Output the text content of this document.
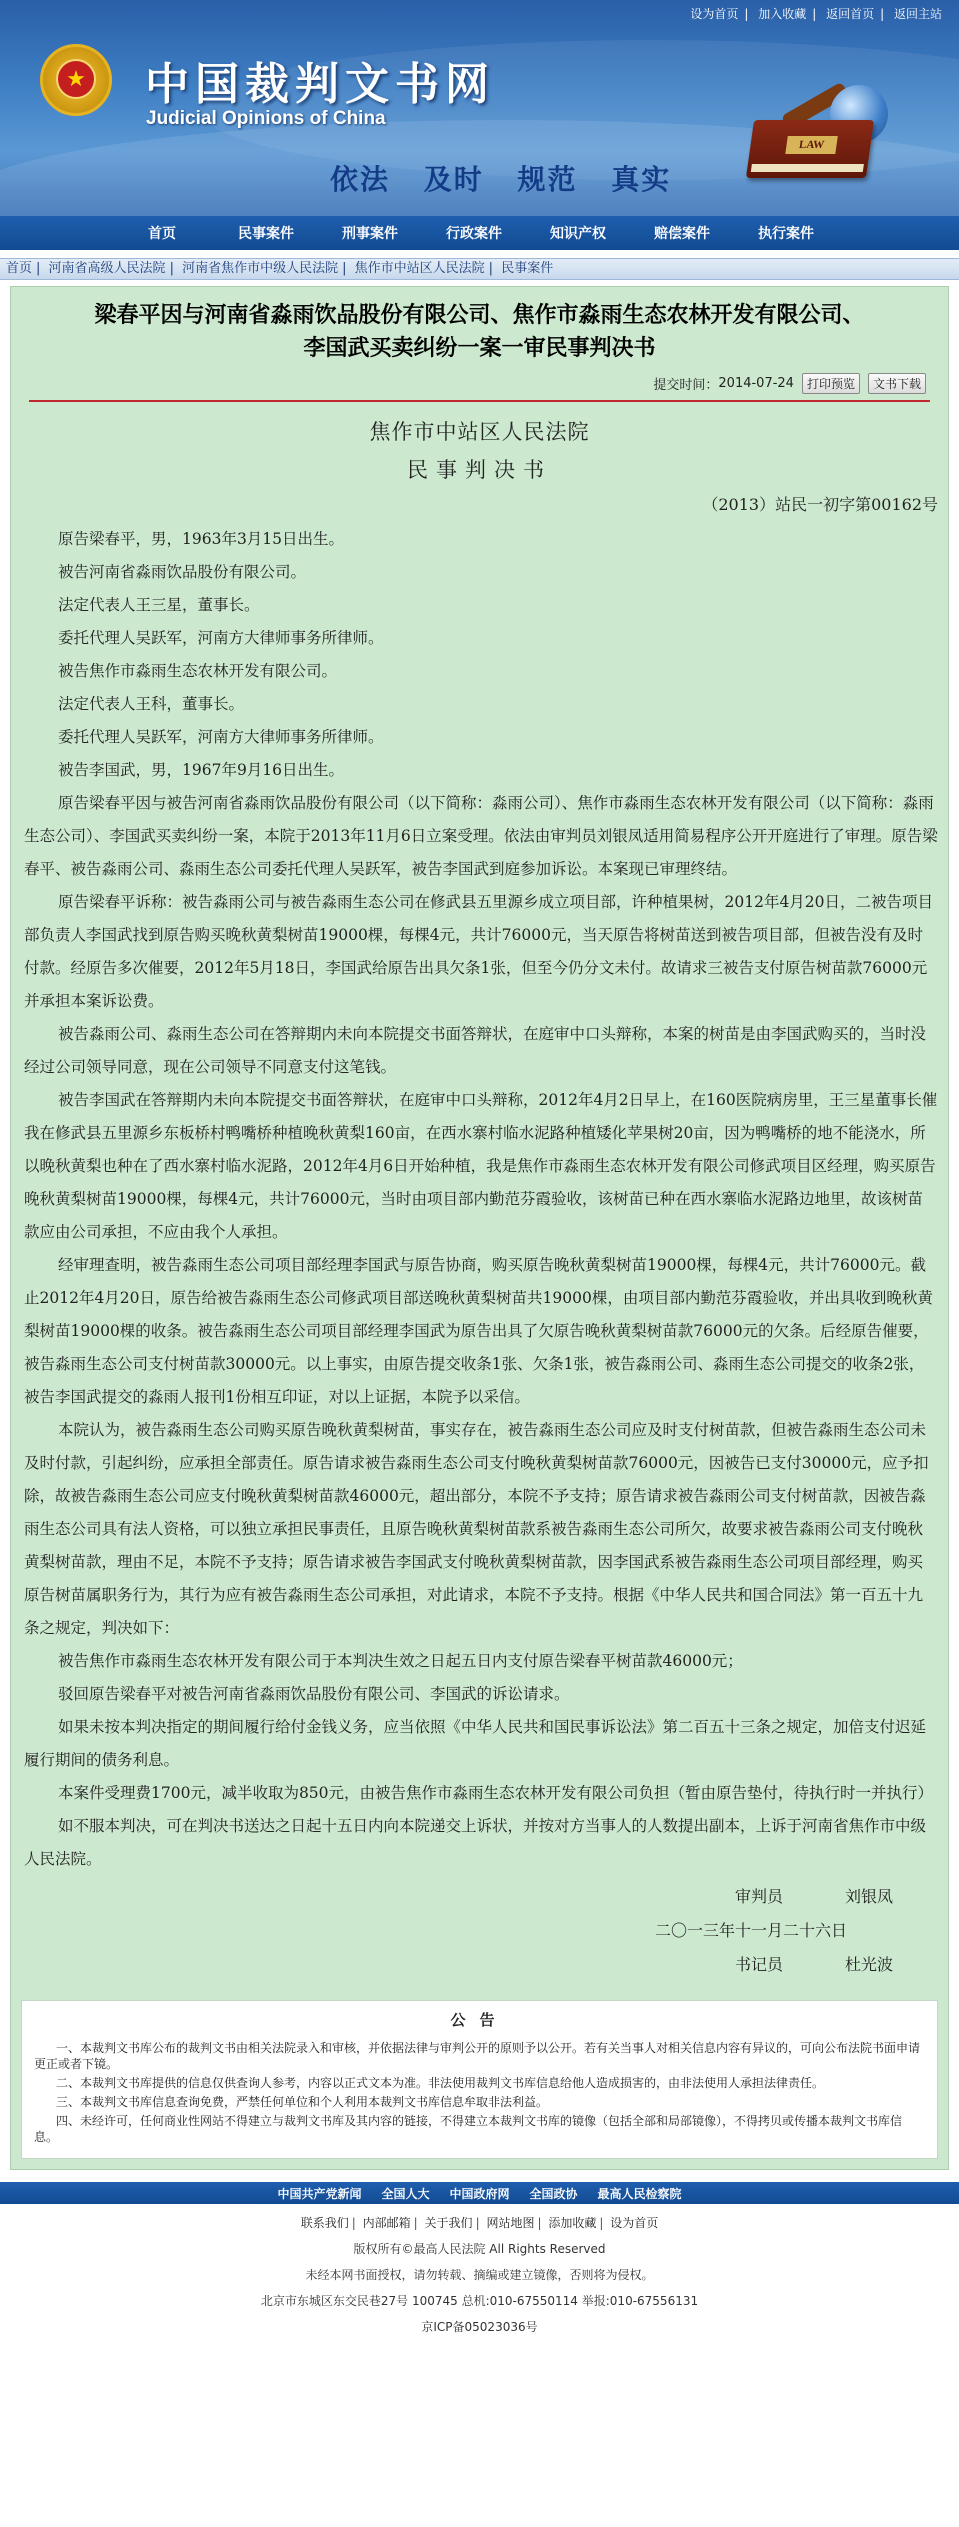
设为首页 | 加入收藏 | 返回首页 | 返回主站
★ 中国裁判文书网
Judicial Opinions of China
依法 及时 规范 真实
LAW
首页	民事案件	刑事案件	行政案件	知识产权	赔偿案件	执行案件
首页 | 河南省高级人民法院 | 河南省焦作市中级人民法院 | 焦作市中站区人民法院 | 民事案件
梁春平因与河南省淼雨饮品股份有限公司、焦作市淼雨生态农林开发有限公司、李国武买卖纠纷一案一审民事判决书
提交时间： 2014-07-24	打印预览	文书下载
焦作市中站区人民法院
民事判决书
（2013）站民一初字第00162号

原告梁春平，男，1963年3月15日出生。

被告河南省淼雨饮品股份有限公司。

法定代表人王三星，董事长。

委托代理人吴跃军，河南方大律师事务所律师。

被告焦作市淼雨生态农林开发有限公司。

法定代表人王科，董事长。

委托代理人吴跃军，河南方大律师事务所律师。

被告李国武，男，1967年9月16日出生。

原告梁春平因与被告河南省淼雨饮品股份有限公司（以下简称：淼雨公司）、焦作市淼雨生态农林开发有限公司（以下简称：淼雨生态公司）、李国武买卖纠纷一案，本院于2013年11月6日立案受理。依法由审判员刘银凤适用简易程序公开开庭进行了审理。原告梁春平、被告淼雨公司、淼雨生态公司委托代理人吴跃军，被告李国武到庭参加诉讼。本案现已审理终结。

原告梁春平诉称：被告淼雨公司与被告淼雨生态公司在修武县五里源乡成立项目部，许种植果树，2012年4月20日，二被告项目部负责人李国武找到原告购买晚秋黄梨树苗19000棵，每棵4元，共计76000元，当天原告将树苗送到被告项目部，但被告没有及时付款。经原告多次催要，2012年5月18日，李国武给原告出具欠条1张，但至今仍分文未付。故请求三被告支付原告树苗款76000元并承担本案诉讼费。

被告淼雨公司、淼雨生态公司在答辩期内未向本院提交书面答辩状，在庭审中口头辩称，本案的树苗是由李国武购买的，当时没经过公司领导同意，现在公司领导不同意支付这笔钱。

被告李国武在答辩期内未向本院提交书面答辩状，在庭审中口头辩称，2012年4月2日早上，在160医院病房里，王三星董事长催我在修武县五里源乡东板桥村鸭嘴桥种植晚秋黄梨160亩，在西水寨村临水泥路种植矮化苹果树20亩，因为鸭嘴桥的地不能浇水，所以晚秋黄梨也种在了西水寨村临水泥路，2012年4月6日开始种植，我是焦作市淼雨生态农林开发有限公司修武项目区经理，购买原告晚秋黄梨树苗19000棵，每棵4元，共计76000元，当时由项目部内勤范芬霞验收，该树苗已种在西水寨临水泥路边地里，故该树苗款应由公司承担，不应由我个人承担。

经审理查明，被告淼雨生态公司项目部经理李国武与原告协商，购买原告晚秋黄梨树苗19000棵，每棵4元，共计76000元。截止2012年4月20日，原告给被告淼雨生态公司修武项目部送晚秋黄梨树苗共19000棵，由项目部内勤范芬霞验收，并出具收到晚秋黄梨树苗19000棵的收条。被告淼雨生态公司项目部经理李国武为原告出具了欠原告晚秋黄梨树苗款76000元的欠条。后经原告催要，被告淼雨生态公司支付树苗款30000元。以上事实，由原告提交收条1张、欠条1张，被告淼雨公司、淼雨生态公司提交的收条2张，被告李国武提交的淼雨人报刊1份相互印证，对以上证据，本院予以采信。

本院认为，被告淼雨生态公司购买原告晚秋黄梨树苗，事实存在，被告淼雨生态公司应及时支付树苗款，但被告淼雨生态公司未及时付款，引起纠纷，应承担全部责任。原告请求被告淼雨生态公司支付晚秋黄梨树苗款76000元，因被告已支付30000元，应予扣除，故被告淼雨生态公司应支付晚秋黄梨树苗款46000元，超出部分，本院不予支持；原告请求被告淼雨公司支付树苗款，因被告淼雨生态公司具有法人资格，可以独立承担民事责任，且原告晚秋黄梨树苗款系被告淼雨生态公司所欠，故要求被告淼雨公司支付晚秋黄梨树苗款，理由不足，本院不予支持；原告请求被告李国武支付晚秋黄梨树苗款，因李国武系被告淼雨生态公司项目部经理，购买原告树苗属职务行为，其行为应有被告淼雨生态公司承担，对此请求，本院不予支持。根据《中华人民共和国合同法》第一百五十九条之规定，判决如下：

被告焦作市淼雨生态农林开发有限公司于本判决生效之日起五日内支付原告梁春平树苗款46000元；

驳回原告梁春平对被告河南省淼雨饮品股份有限公司、李国武的诉讼请求。

如果未按本判决指定的期间履行给付金钱义务，应当依照《中华人民共和国民事诉讼法》第二百五十三条之规定，加倍支付迟延履行期间的债务利息。

本案件受理费1700元，减半收取为850元，由被告焦作市淼雨生态农林开发有限公司负担（暂由原告垫付，待执行时一并执行）

如不服本判决，可在判决书送达之日起十五日内向本院递交上诉状，并按对方当事人的人数提出副本，上诉于河南省焦作市中级人民法院。

审判员	刘银凤
二〇一三年十一月二十六日
书记员	杜光波
公告

一、本裁判文书库公布的裁判文书由相关法院录入和审核，并依据法律与审判公开的原则予以公开。若有关当事人对相关信息内容有异议的，可向公布法院书面申请更正或者下镜。

二、本裁判文书库提供的信息仅供查询人参考，内容以正式文本为准。非法使用裁判文书库信息给他人造成损害的，由非法使用人承担法律责任。

三、本裁判文书库信息查询免费，严禁任何单位和个人利用本裁判文书库信息牟取非法利益。

四、未经许可，任何商业性网站不得建立与裁判文书库及其内容的链接，不得建立本裁判文书库的镜像（包括全部和局部镜像），不得拷贝或传播本裁判文书库信息。

中国共产党新闻 全国人大 中国政府网 全国政协 最高人民检察院
联系我们 | 内部邮箱 | 关于我们 | 网站地图 | 添加收藏 | 设为首页
版权所有©最高人民法院 All Rights Reserved
未经本网书面授权，请勿转载、摘编或建立镜像，否则将为侵权。
北京市东城区东交民巷27号 100745 总机:010-67550114 举报:010-67556131
京ICP备05023036号
